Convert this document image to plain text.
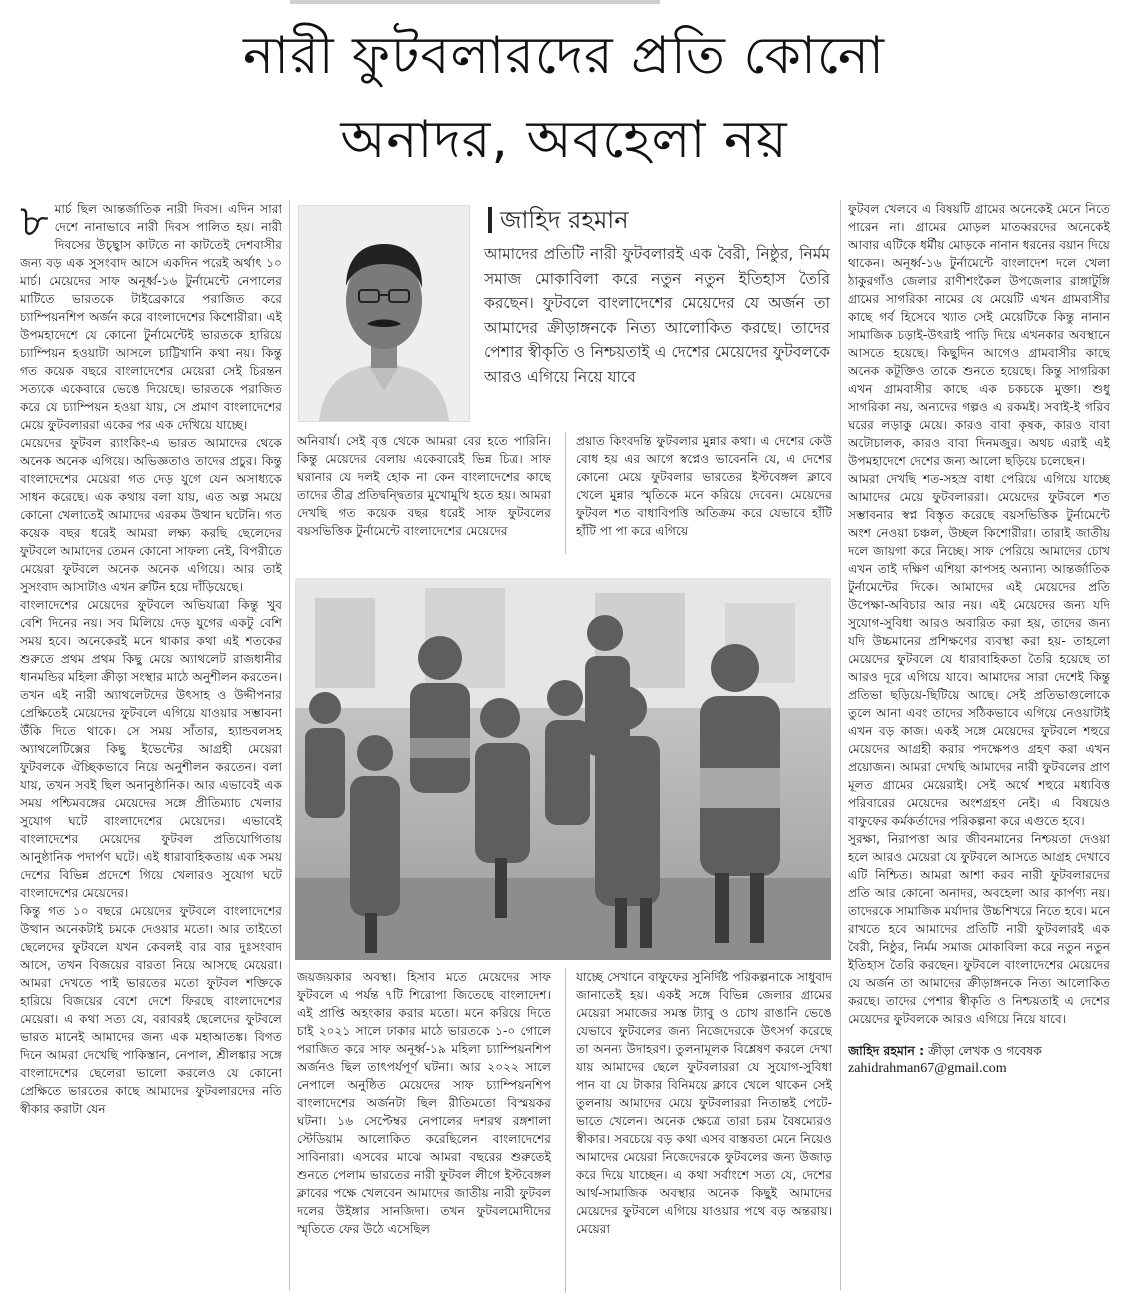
নারী ফুটবলারদের প্রতি কোনো
অনাদর, অবহেলা নয়
৮ মার্চ ছিল আন্তর্জাতিক নারী দিবস। এদিন সারা দেশে নানাভাবে নারী দিবস পালিত হয়। নারী দিবসের উচ্ছ্বাস কাটতে না কাটতেই দেশবাসীর জন্য বড় এক সুসংবাদ আসে একদিন পরেই অর্থাৎ ১০ মার্চ। মেয়েদের সাফ অনূর্ধ্ব-১৬ টুর্নামেন্টে নেপালের মাটিতে ভারতকে টাইব্রেকারে পরাজিত করে চ্যাম্পিয়নশিপ অর্জন করে বাংলাদেশের কিশোরীরা। এই উপমহাদেশে যে কোনো টুর্নামেন্টেই ভারতকে হারিয়ে চ্যাম্পিয়ন হওয়াটা আসলে চাট্টিখানি কথা নয়। কিন্তু গত কয়েক বছরে বাংলাদেশের মেয়েরা সেই চিরন্তন সত্যকে একেবারে ভেঙে দিয়েছে। ভারতকে পরাজিত করে যে চ্যাম্পিয়ন হওয়া যায়, সে প্রমাণ বাংলাদেশের মেয়ে ফুটবলাররা একের পর এক দেখিয়ে যাচ্ছে।

মেয়েদের ফুটবল র‍্যাংকিং-এ ভারত আমাদের থেকে অনেক অনেক এগিয়ে। অভিজ্ঞতাও তাদের প্রচুর। কিন্তু বাংলাদেশের মেয়েরা গত দেড় যুগে যেন অসাধ্যকে সাধন করেছে। এক কথায় বলা যায়, এত অল্প সময়ে কোনো খেলাতেই আমাদের এরকম উত্থান ঘটেনি। গত কয়েক বছর ধরেই আমরা লক্ষ্য করছি ছেলেদের ফুটবলে আমাদের তেমন কোনো সাফল্য নেই, বিপরীতে মেয়েরা ফুটবলে অনেক অনেক এগিয়ে। আর তাই সুসংবাদ আসাটাও এখন রুটিন হয়ে দাঁড়িয়েছে।

বাংলাদেশের মেয়েদের ফুটবলে অভিযাত্রা কিন্তু খুব বেশি দিনের নয়। সব মিলিয়ে দেড় যুগের একটু বেশি সময় হবে। অনেকেরই মনে থাকার কথা এই শতকের শুরুতে প্রথম প্রথম কিছু মেয়ে অ্যাথলেট রাজধানীর ধানমন্ডির মহিলা ক্রীড়া সংস্থার মাঠে অনুশীলন করতেন। তখন এই নারী অ্যাথলেটদের উৎসাহ ও উদ্দীপনার প্রেক্ষিতেই মেয়েদের ফুটবলে এগিয়ে যাওয়ার সম্ভাবনা উঁকি দিতে থাকে। সে সময় সাঁতার, হ্যান্ডবলসহ অ্যাথলেটিক্সের কিছু ইভেন্টের আগ্রহী মেয়েরা ফুটবলকে ঐচ্ছিকভাবে নিয়ে অনুশীলন করতেন। বলা যায়, তখন সবই ছিল অনানুষ্ঠানিক। আর এভাবেই এক সময় পশ্চিমবঙ্গের মেয়েদের সঙ্গে প্রীতিম্যাচ খেলার সুযোগ ঘটে বাংলাদেশের মেয়েদের। এভাবেই বাংলাদেশের মেয়েদের ফুটবল প্রতিযোগিতায় আনুষ্ঠানিক পদার্পণ ঘটে। এই ধারাবাহিকতায় এক সময় দেশের বিভিন্ন প্রদেশে গিয়ে খেলারও সুযোগ ঘটে বাংলাদেশের মেয়েদের।

কিন্তু গত ১০ বছরে মেয়েদের ফুটবলে বাংলাদেশের উত্থান অনেকটাই চমকে দেওয়ার মতো। আর তাইতো ছেলেদের ফুটবলে যখন কেবলই বার বার দুঃসংবাদ আসে, তখন বিজয়ের বারতা নিয়ে আসছে মেয়েরা। আমরা দেখতে পাই ভারতের মতো ফুটবল শক্তিকে হারিয়ে বিজয়ের বেশে দেশে ফিরছে বাংলাদেশের মেয়েরা। এ কথা সত্য যে, বরাবরই ছেলেদের ফুটবলে ভারত মানেই আমাদের জন্য এক মহাআতঙ্ক। বিগত দিনে আমরা দেখেছি পাকিস্তান, নেপাল, শ্রীলঙ্কার সঙ্গে বাংলাদেশের ছেলেরা ভালো করলেও যে কোনো প্রেক্ষিতে ভারতের কাছে আমাদের ফুটবলারদের নতি স্বীকার করাটা যেন

জাহিদ রহমান
আমাদের প্রতিটি নারী ফুটবলারই এক বৈরী, নিষ্ঠুর, নির্মম সমাজ মোকাবিলা করে নতুন নতুন ইতিহাস তৈরি করছেন। ফুটবলে বাংলাদেশের মেয়েদের যে অর্জন তা আমাদের ক্রীড়াঙ্গনকে নিত্য আলোকিত করছে। তাদের পেশার স্বীকৃতি ও নিশ্চয়তাই এ দেশের মেয়েদের ফুটবলকে আরও এগিয়ে নিয়ে যাবে
অনিবার্য। সেই বৃত্ত থেকে আমরা বের হতে পারিনি। কিন্তু মেয়েদের বেলায় একেবারেই ভিন্ন চিত্র। সাফ ঘরানার যে দলই হোক না কেন বাংলাদেশের কাছে তাদের তীব্র প্রতিদ্বন্দ্বিতার মুখোমুখি হতে হয়। আমরা দেখছি গত কয়েক বছর ধরেই সাফ ফুটবলের বয়সভিত্তিক টুর্নামেন্টে বাংলাদেশের মেয়েদের
প্রয়াত কিংবদন্তি ফুটবলার মুন্নার কথা। এ দেশের কেউ বোধ হয় এর আগে স্বপ্নেও ভাবেননি যে, এ দেশের কোনো মেয়ে ফুটবলার ভারতের ইস্টবেঙ্গল ক্লাবে খেলে মুন্নার স্মৃতিকে মনে করিয়ে দেবেন। মেয়েদের ফুটবল শত বাধাবিপত্তি অতিক্রম করে যেভাবে হাঁটি হাঁটি পা পা করে এগিয়ে
জয়জয়কার অবস্থা। হিসাব মতে মেয়েদের সাফ ফুটবলে এ পর্যন্ত ৭টি শিরোপা জিতেছে বাংলাদেশ। এই প্রাপ্তি অহংকার করার মতো। মনে করিয়ে দিতে চাই ২০২১ সালে ঢাকার মাঠে ভারতকে ১-০ গোলে পরাজিত করে সাফ অনূর্ধ্ব-১৯ মহিলা চ্যাম্পিয়নশিপ অর্জনও ছিল তাৎপর্যপূর্ণ ঘটনা। আর ২০২২ সালে নেপালে অনুষ্ঠিত মেয়েদের সাফ চ্যাম্পিয়নশিপ বাংলাদেশের অর্জনটা ছিল রীতিমতো বিস্ময়কর ঘটনা। ১৬ সেপ্টেম্বর নেপালের দশরথ রঙ্গশালা স্টেডিয়াম আলোকিত করেছিলেন বাংলাদেশের সাবিনারা। এসবের মাঝে আমরা বছরের শুরুতেই শুনতে পেলাম ভারতের নারী ফুটবল লীগে ইস্টবেঙ্গল ক্লাবের পক্ষে খেলবেন আমাদের জাতীয় নারী ফুটবল দলের উইঙ্গার সানজিদা। তখন ফুটবলমোদীদের স্মৃতিতে ফের উঠে এসেছিল
যাচ্ছে সেখানে বাফুফের সুনির্দিষ্ট পরিকল্পনাকে সাধুবাদ জানাতেই হয়। একই সঙ্গে বিভিন্ন জেলার গ্রামের মেয়েরা সমাজের সমস্ত ট্যাবু ও চোখ রাঙানি ভেঙে যেভাবে ফুটবলের জন্য নিজেদেরকে উৎসর্গ করেছে তা অনন্য উদাহরণ। তুলনামূলক বিশ্লেষণ করলে দেখা যায় আমাদের ছেলে ফুটবলাররা যে সুযোগ-সুবিধা পান বা যে টাকার বিনিময়ে ক্লাবে খেলে থাকেন সেই তুলনায় আমাদের মেয়ে ফুটবলাররা নিতান্তই পেটে-ভাতে খেলেন। অনেক ক্ষেত্রে তারা চরম বৈষম্যেরও স্বীকার। সবচেয়ে বড় কথা এসব বাস্তবতা মেনে নিয়েও আমাদের মেয়েরা নিজেদেরকে ফুটবলের জন্য উজাড় করে দিয়ে যাচ্ছেন। এ কথা সর্বাংশে সত্য যে, দেশের আর্থ-সামাজিক অবস্থার অনেক কিছুই আমাদের মেয়েদের ফুটবলে এগিয়ে যাওয়ার পথে বড় অন্তরায়। মেয়েরা

ফুটবল খেলবে এ বিষয়টি গ্রামের অনেকেই মেনে নিতে পারেন না। গ্রামের মোড়ল মাতব্বরদের অনেকেই আবার এটিকে ধর্মীয় মোড়কে নানান ধরনের বয়ান দিয়ে থাকেন। অনূর্ধ্ব-১৬ টুর্নামেন্টে বাংলাদেশ দলে খেলা ঠাকুরগাঁও জেলার রাণীশংকৈল উপজেলার রাঙ্গাটুঙ্গি গ্রামের সাগরিকা নামের যে মেয়েটি এখন গ্রামবাসীর কাছে গর্ব হিসেবে খ্যাত সেই মেয়েটিকে কিন্তু নানান সামাজিক চড়াই-উৎরাই পাড়ি দিয়ে এখনকার অবস্থানে আসতে হয়েছে। কিছুদিন আগেও গ্রামবাসীর কাছে অনেক কটূক্তিও তাকে শুনতে হয়েছে। কিন্তু সাগরিকা এখন গ্রামবাসীর কাছে এক চকচকে মুক্তা। শুধু সাগরিকা নয়, অন্যদের গল্পও এ রকমই। সবাই-ই গরিব ঘরের লড়াকু মেয়ে। কারও বাবা কৃষক, কারও বাবা অটোচালক, কারও বাবা দিনমজুর। অথচ এরাই এই উপমহাদেশে দেশের জন্য আলো ছড়িয়ে চলেছেন।

আমরা দেখছি শত-সহস্র বাধা পেরিয়ে এগিয়ে যাচ্ছে আমাদের মেয়ে ফুটবলাররা। মেয়েদের ফুটবলে শত সম্ভাবনার স্বপ্ন বিস্তৃত করেছে বয়সভিত্তিক টুর্নামেন্টে অংশ নেওয়া চঞ্চল, উচ্ছল কিশোরীরা। তারাই জাতীয় দলে জায়গা করে নিচ্ছে। সাফ পেরিয়ে আমাদের চোখ এখন তাই দক্ষিণ এশিয়া কাপসহ অন্যান্য আন্তর্জাতিক টুর্নামেন্টের দিকে। আমাদের এই মেয়েদের প্রতি উপেক্ষা-অবিচার আর নয়। এই মেয়েদের জন্য যদি সুযোগ-সুবিধা আরও অবারিত করা হয়, তাদের জন্য যদি উচ্চমানের প্রশিক্ষণের ব্যবস্থা করা হয়- তাহলো মেয়েদের ফুটবলে যে ধারাবাহিকতা তৈরি হয়েছে তা আরও দূরে এগিয়ে যাবে। আমাদের সারা দেশেই কিন্তু প্রতিভা ছড়িয়ে-ছিটিয়ে আছে। সেই প্রতিভাগুলোকে তুলে আনা এবং তাদের সঠিকভাবে এগিয়ে নেওয়াটাই এখন বড় কাজ। একই সঙ্গে মেয়েদের ফুটবলে শহুরে মেয়েদের আগ্রহী করার পদক্ষেপও গ্রহণ করা এখন প্রয়োজন। আমরা দেখছি আমাদের নারী ফুটবলের প্রাণ মূলত গ্রামের মেয়েরাই। সেই অর্থে শহুরে মধ্যবিত্ত পরিবারের মেয়েদের অংশগ্রহণ নেই। এ বিষয়েও বাফুফের কর্মকর্তাদের পরিকল্পনা করে এগুতে হবে।

সুরক্ষা, নিরাপত্তা আর জীবনমানের নিশ্চয়তা দেওয়া হলে আরও মেয়েরা যে ফুটবলে আসতে আগ্রহ দেখাবে এটি নিশ্চিত। আমরা আশা করব নারী ফুটবলারদের প্রতি আর কোনো অনাদর, অবহেলা আর কার্পণ্য নয়। তাদেরকে সামাজিক মর্যাদার উচ্চশিখরে নিতে হবে। মনে রাখতে হবে আমাদের প্রতিটি নারী ফুটবলারই এক বৈরী, নিষ্ঠুর, নির্মম সমাজ মোকাবিলা করে নতুন নতুন ইতিহাস তৈরি করছেন। ফুটবলে বাংলাদেশের মেয়েদের যে অর্জন তা আমাদের ক্রীড়াঙ্গনকে নিত্য আলোকিত করছে। তাদের পেশার স্বীকৃতি ও নিশ্চয়তাই এ দেশের মেয়েদের ফুটবলকে আরও এগিয়ে নিয়ে যাবে।

জাহিদ রহমান : ক্রীড়া লেখক ও গবেষক
zahidrahman67@gmail.com
